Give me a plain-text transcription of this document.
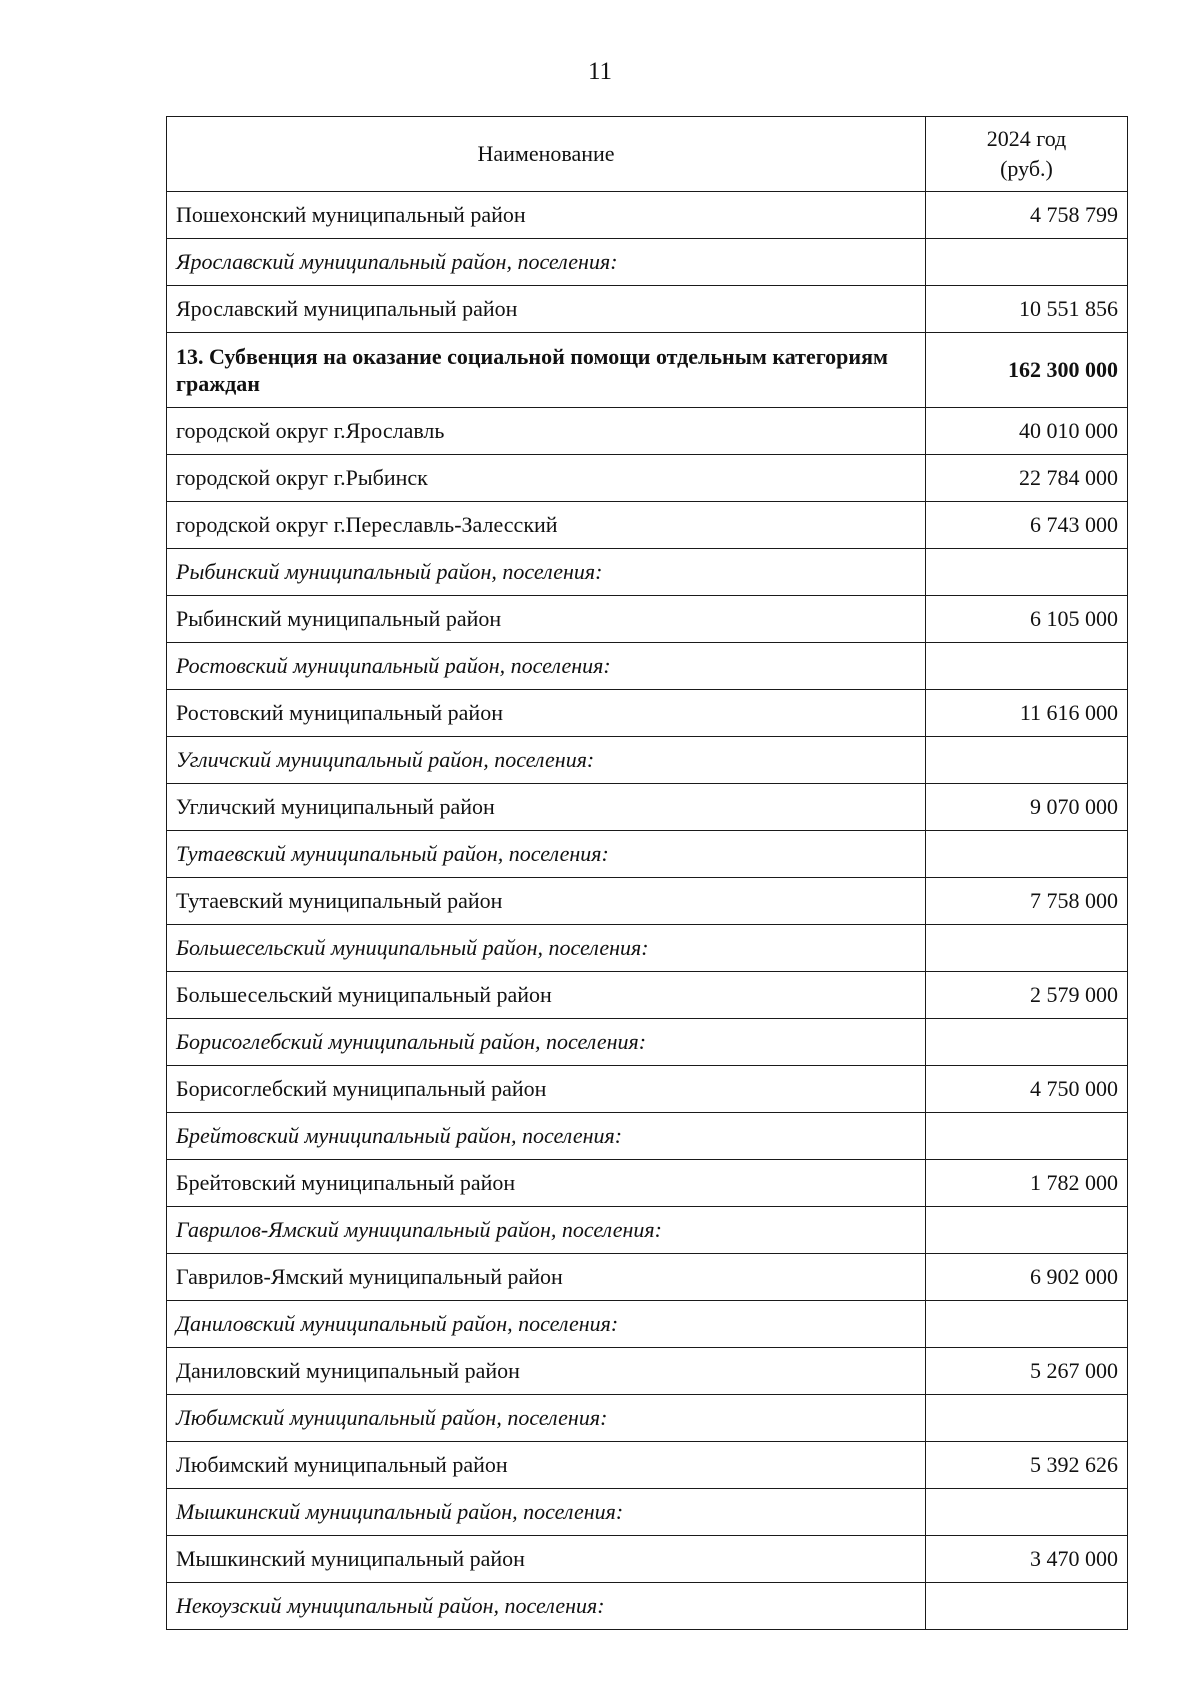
11
Наименование	2024 год
(руб.)
Пошехонский муниципальный район	4 758 799
Ярославский муниципальный район, поселения:	
Ярославский муниципальный район	10 551 856
13. Субвенция на оказание социальной помощи отдельным категориям граждан	162 300 000
городской округ г.Ярославль	40 010 000
городской округ г.Рыбинск	22 784 000
городской округ г.Переславль-Залесский	6 743 000
Рыбинский муниципальный район, поселения:	
Рыбинский муниципальный район	6 105 000
Ростовский муниципальный район, поселения:	
Ростовский муниципальный район	11 616 000
Угличский муниципальный район, поселения:	
Угличский муниципальный район	9 070 000
Тутаевский муниципальный район, поселения:	
Тутаевский муниципальный район	7 758 000
Большесельский муниципальный район, поселения:	
Большесельский муниципальный район	2 579 000
Борисоглебский муниципальный район, поселения:	
Борисоглебский муниципальный район	4 750 000
Брейтовский муниципальный район, поселения:	
Брейтовский муниципальный район	1 782 000
Гаврилов-Ямский муниципальный район, поселения:	
Гаврилов-Ямский муниципальный район	6 902 000
Даниловский муниципальный район, поселения:	
Даниловский муниципальный район	5 267 000
Любимский муниципальный район, поселения:	
Любимский муниципальный район	5 392 626
Мышкинский муниципальный район, поселения:	
Мышкинский муниципальный район	3 470 000
Некоузский муниципальный район, поселения:	
